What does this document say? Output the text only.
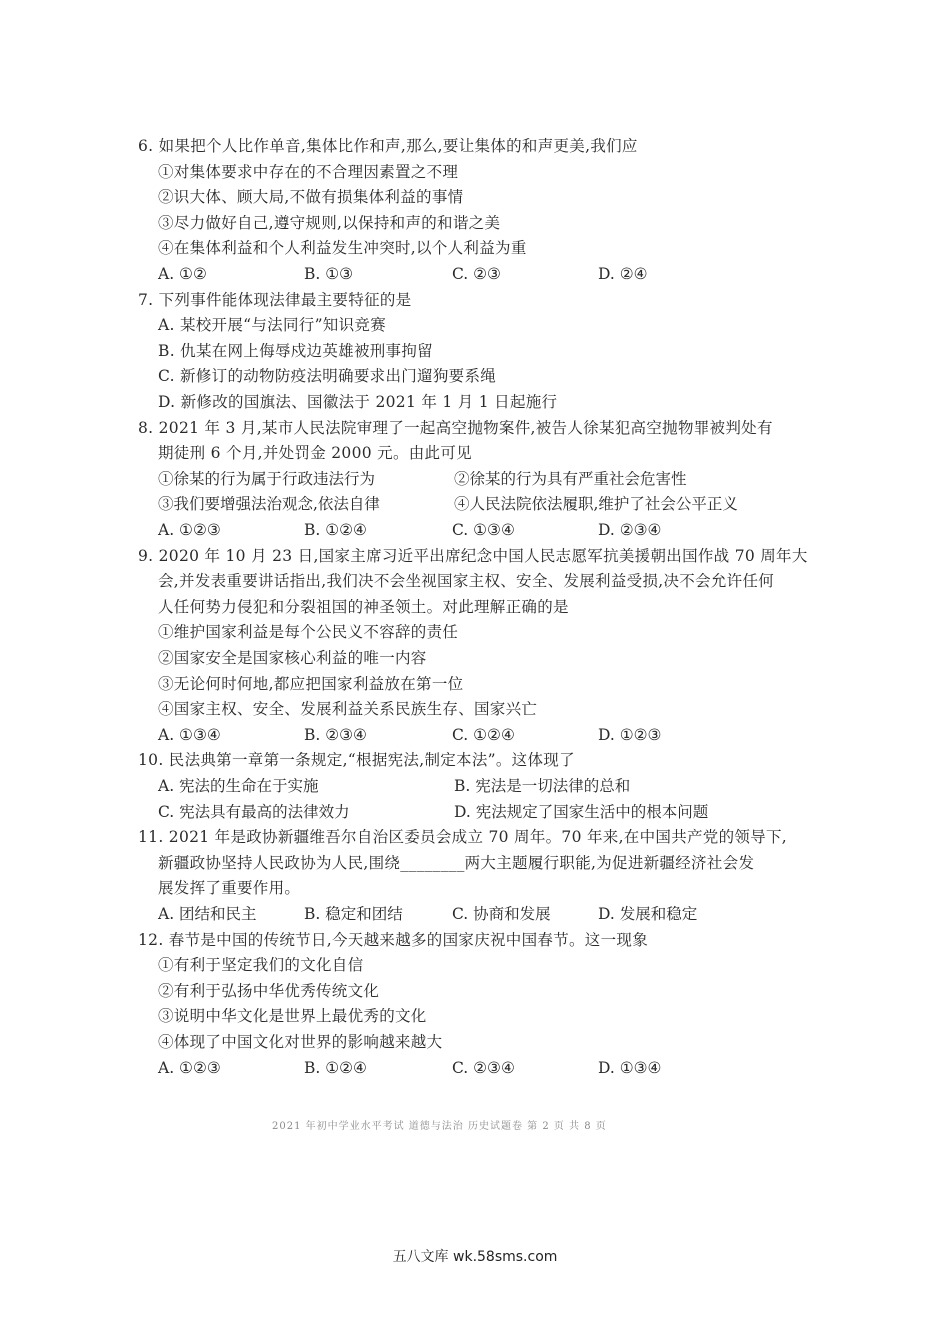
6. 如果把个人比作单音,集体比作和声,那么,要让集体的和声更美,我们应
①对集体要求中存在的不合理因素置之不理
②识大体、顾大局,不做有损集体利益的事情
③尽力做好自己,遵守规则,以保持和声的和谐之美
④在集体利益和个人利益发生冲突时,以个人利益为重
A. ①②	B. ①③	C. ②③	D. ②④
7. 下列事件能体现法律最主要特征的是
A. 某校开展“与法同行”知识竞赛
B. 仇某在网上侮辱戍边英雄被刑事拘留
C. 新修订的动物防疫法明确要求出门遛狗要系绳
D. 新修改的国旗法、国徽法于 2021 年 1 月 1 日起施行
8. 2021 年 3 月,某市人民法院审理了一起高空抛物案件,被告人徐某犯高空抛物罪被判处有
期徒刑 6 个月,并处罚金 2000 元。由此可见
①徐某的行为属于行政违法行为	②徐某的行为具有严重社会危害性
③我们要增强法治观念,依法自律	④人民法院依法履职,维护了社会公平正义
A. ①②③	B. ①②④	C. ①③④	D. ②③④
9. 2020 年 10 月 23 日,国家主席习近平出席纪念中国人民志愿军抗美援朝出国作战 70 周年大
会,并发表重要讲话指出,我们决不会坐视国家主权、安全、发展利益受损,决不会允许任何
人任何势力侵犯和分裂祖国的神圣领土。对此理解正确的是
①维护国家利益是每个公民义不容辞的责任
②国家安全是国家核心利益的唯一内容
③无论何时何地,都应把国家利益放在第一位
④国家主权、安全、发展利益关系民族生存、国家兴亡
A. ①③④	B. ②③④	C. ①②④	D. ①②③
10. 民法典第一章第一条规定,“根据宪法,制定本法”。这体现了
A. 宪法的生命在于实施	B. 宪法是一切法律的总和
C. 宪法具有最高的法律效力	D. 宪法规定了国家生活中的根本问题
11. 2021 年是政协新疆维吾尔自治区委员会成立 70 周年。70 年来,在中国共产党的领导下,
新疆政协坚持人民政协为人民,围绕________两大主题履行职能,为促进新疆经济社会发
展发挥了重要作用。
A. 团结和民主	B. 稳定和团结	C. 协商和发展	D. 发展和稳定
12. 春节是中国的传统节日,今天越来越多的国家庆祝中国春节。这一现象
①有利于坚定我们的文化自信
②有利于弘扬中华优秀传统文化
③说明中华文化是世界上最优秀的文化
④体现了中国文化对世界的影响越来越大
A. ①②③	B. ①②④	C. ②③④	D. ①③④
2021 年初中学业水平考试 道德与法治 历史试题卷 第 2 页 共 8 页
五八文库 wk.58sms.com
